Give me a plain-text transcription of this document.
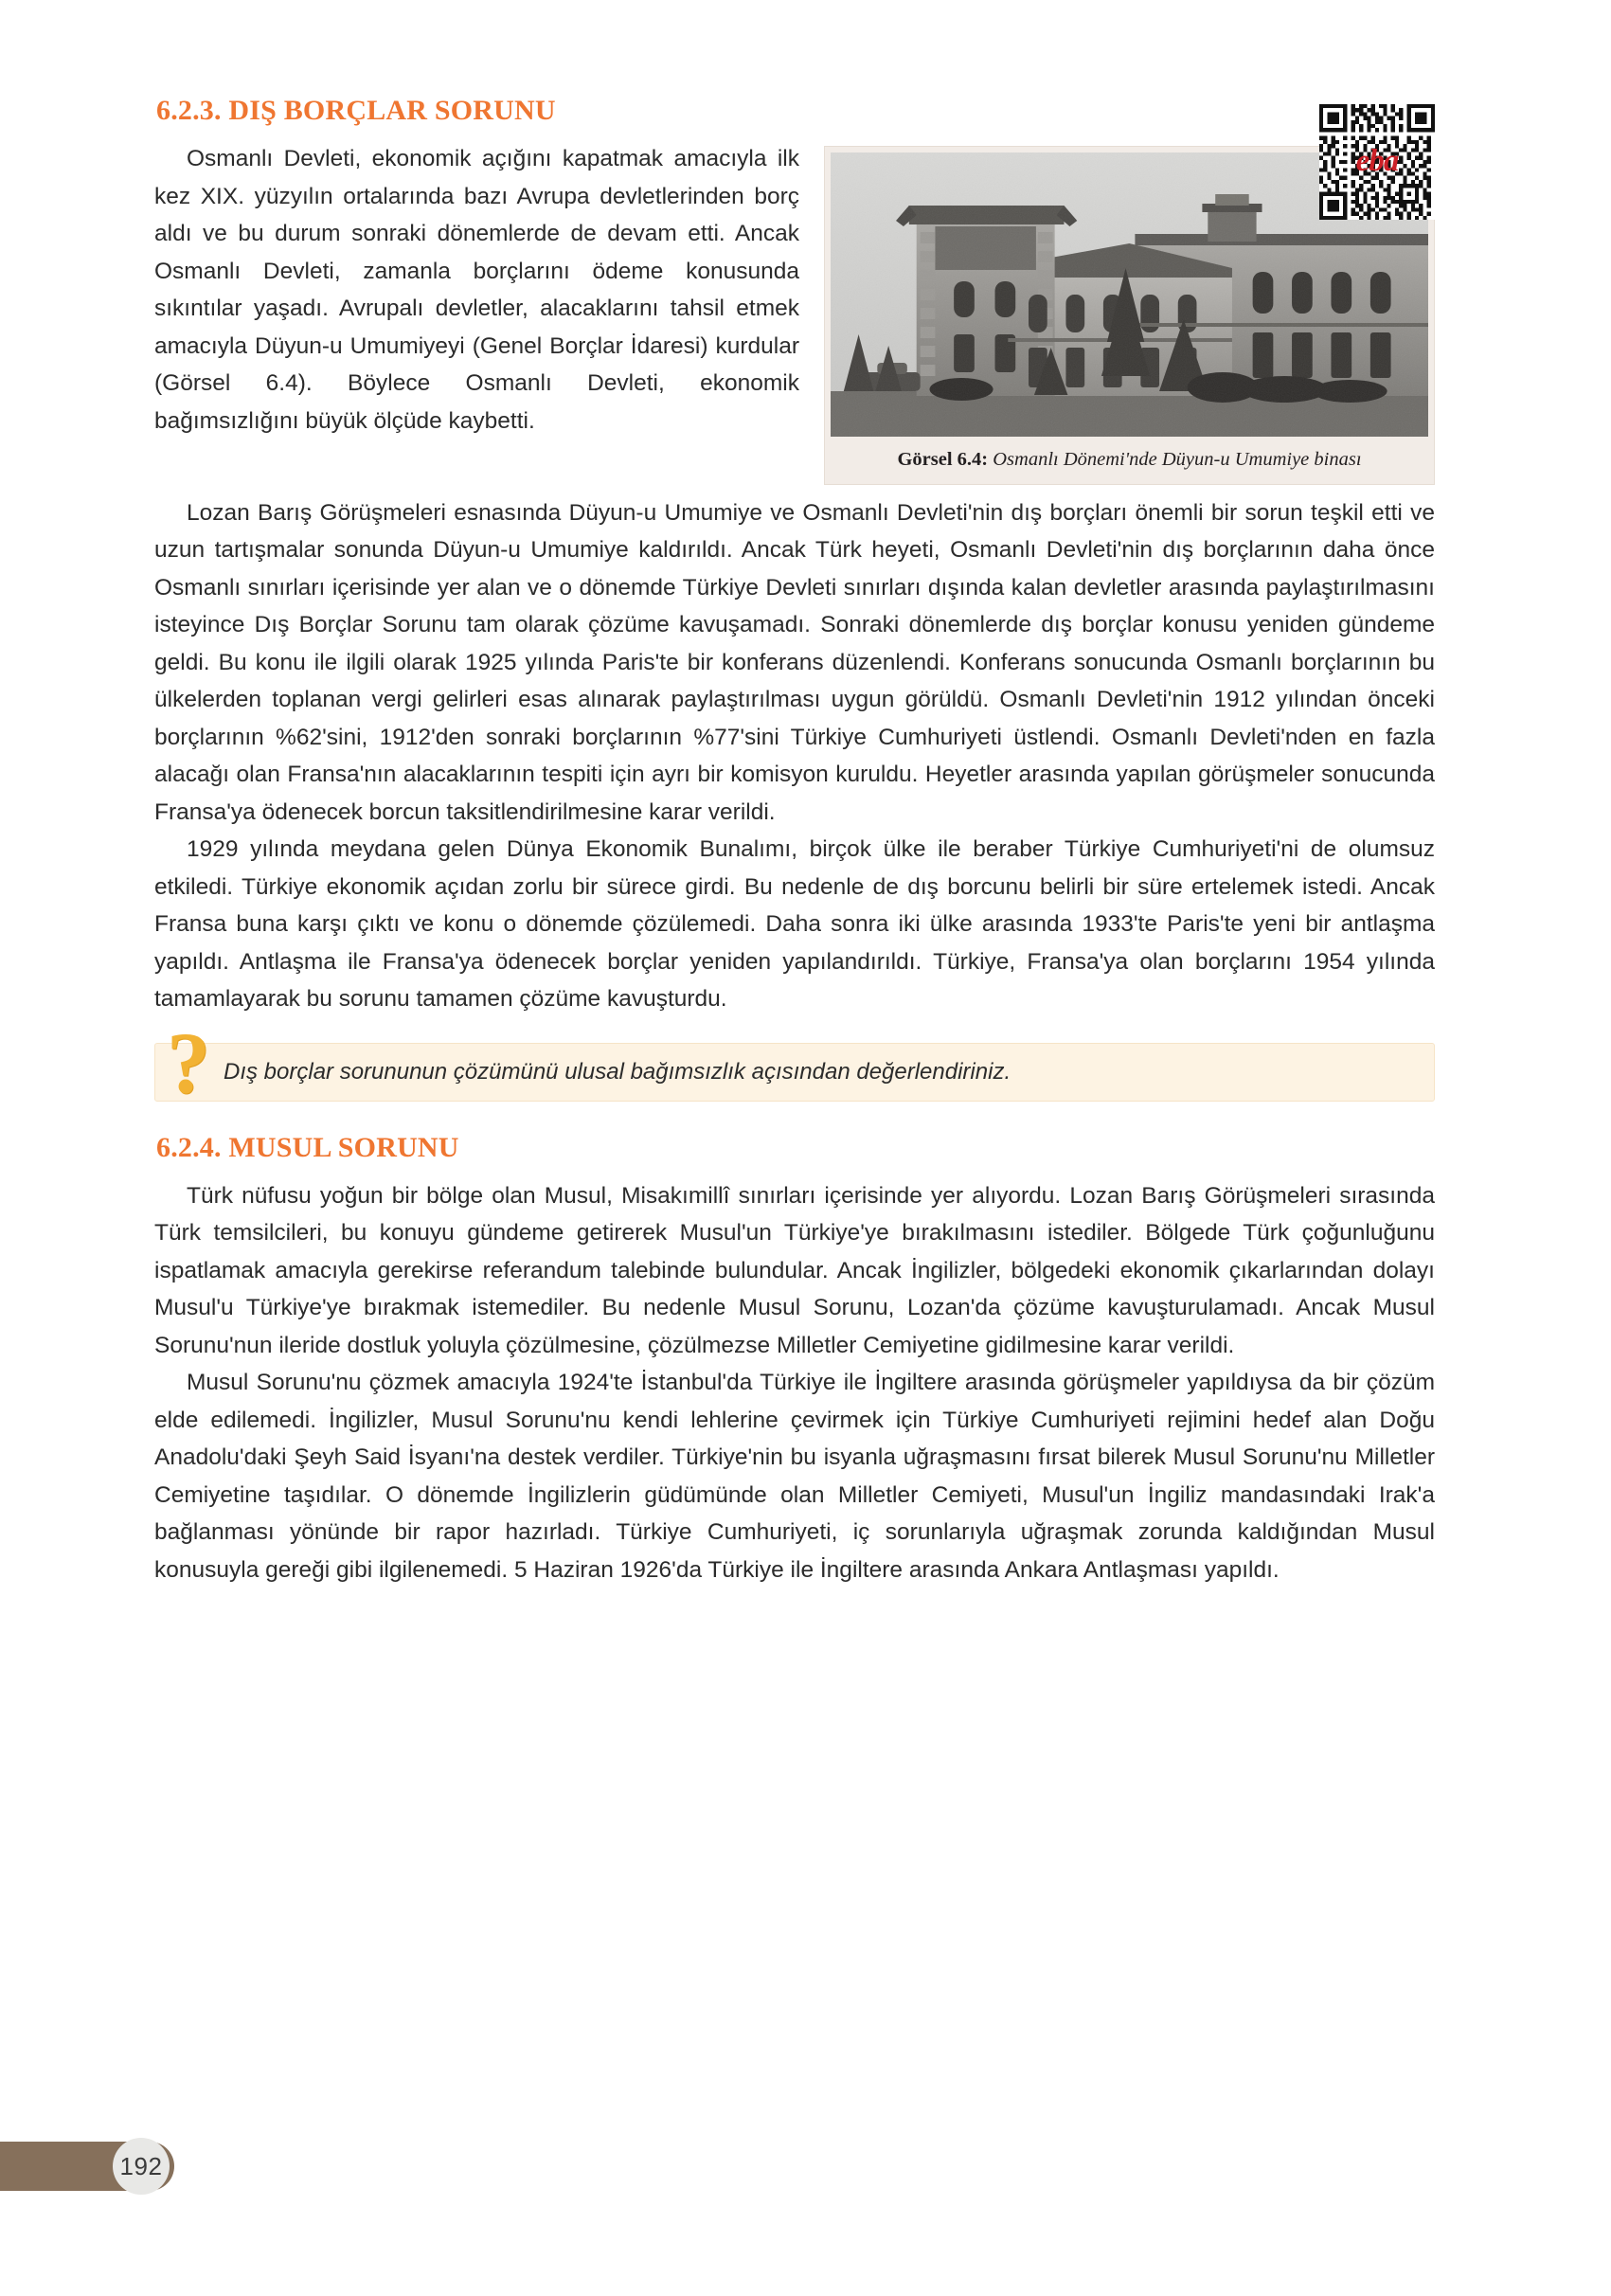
6.2.3. DIŞ BORÇLAR SORUNU
eba
Görsel 6.4: Osmanlı Dönemi'nde Düyun-u Umumiye binası

Osmanlı Devleti, ekonomik açığını kapatmak amacıyla ilk kez XIX. yüzyılın ortalarında bazı Avrupa devletlerinden borç aldı ve bu durum sonraki dönemlerde de devam etti. Ancak Osmanlı Devleti, zamanla borçlarını ödeme konusunda sıkıntılar yaşadı. Avrupalı devletler, alacaklarını tahsil etmek amacıyla Düyun-u Umumiyeyi (Genel Borçlar İdaresi) kurdular (Görsel 6.4). Böylece Osmanlı Devleti, ekonomik bağımsızlığını büyük ölçüde kaybetti.

Lozan Barış Görüşmeleri esnasında Düyun-u Umumiye ve Osmanlı Devleti'nin dış borçları önemli bir sorun teşkil etti ve uzun tartışmalar sonunda Düyun-u Umumiye kaldırıldı. Ancak Türk heyeti, Osmanlı Devleti'nin dış borçlarının daha önce Osmanlı sınırları içerisinde yer alan ve o dönemde Türkiye Devleti sınırları dışında kalan devletler arasında paylaştırılmasını isteyince Dış Borçlar Sorunu tam olarak çözüme kavuşamadı. Sonraki dönemlerde dış borçlar konusu yeniden gündeme geldi. Bu konu ile ilgili olarak 1925 yılında Paris'te bir konferans düzenlendi. Konferans sonucunda Osmanlı borçlarının bu ülkelerden toplanan vergi gelirleri esas alınarak paylaştırılması uygun görüldü. Osmanlı Devleti'nin 1912 yılından önceki borçlarının %62'sini, 1912'den sonraki borçlarının %77'sini Türkiye Cumhuriyeti üstlendi. Osmanlı Devleti'nden en fazla alacağı olan Fransa'nın alacaklarının tespiti için ayrı bir komisyon kuruldu. Heyetler arasında yapılan görüşmeler sonucunda Fransa'ya ödenecek borcun taksitlendirilmesine karar verildi.

1929 yılında meydana gelen Dünya Ekonomik Bunalımı, birçok ülke ile beraber Türkiye Cumhuriyeti'ni de olumsuz etkiledi. Türkiye ekonomik açıdan zorlu bir sürece girdi. Bu nedenle de dış borcunu belirli bir süre ertelemek istedi. Ancak Fransa buna karşı çıktı ve konu o dönemde çözülemedi. Daha sonra iki ülke arasında 1933'te Paris'te yeni bir antlaşma yapıldı. Antlaşma ile Fransa'ya ödenecek borçlar yeniden yapılandırıldı. Türkiye, Fransa'ya olan borçlarını 1954 yılında tamamlayarak bu sorunu tamamen çözüme kavuşturdu.

? Dış borçlar sorununun çözümünü ulusal bağımsızlık açısından değerlendiriniz.
6.2.4. MUSUL SORUNU

Türk nüfusu yoğun bir bölge olan Musul, Misakımillî sınırları içerisinde yer alıyordu. Lozan Barış Görüşmeleri sırasında Türk temsilcileri, bu konuyu gündeme getirerek Musul'un Türkiye'ye bırakılmasını istediler. Bölgede Türk çoğunluğunu ispatlamak amacıyla gerekirse referandum talebinde bulundular. Ancak İngilizler, bölgedeki ekonomik çıkarlarından dolayı Musul'u Türkiye'ye bırakmak istemediler. Bu nedenle Musul Sorunu, Lozan'da çözüme kavuşturulamadı. Ancak Musul Sorunu'nun ileride dostluk yoluyla çözülmesine, çözülmezse Milletler Cemiyetine gidilmesine karar verildi.

Musul Sorunu'nu çözmek amacıyla 1924'te İstanbul'da Türkiye ile İngiltere arasında görüşmeler yapıldıysa da bir çözüm elde edilemedi. İngilizler, Musul Sorunu'nu kendi lehlerine çevirmek için Türkiye Cumhuriyeti rejimini hedef alan Doğu Anadolu'daki Şeyh Said İsyanı'na destek verdiler. Türkiye'nin bu isyanla uğraşmasını fırsat bilerek Musul Sorunu'nu Milletler Cemiyetine taşıdılar. O dönemde İngilizlerin güdümünde olan Milletler Cemiyeti, Musul'un İngiliz mandasındaki Irak'a bağlanması yönünde bir rapor hazırladı. Türkiye Cumhuriyeti, iç sorunlarıyla uğraşmak zorunda kaldığından Musul konusuyla gereği gibi ilgilenemedi. 5 Haziran 1926'da Türkiye ile İngiltere arasında Ankara Antlaşması yapıldı.

192
